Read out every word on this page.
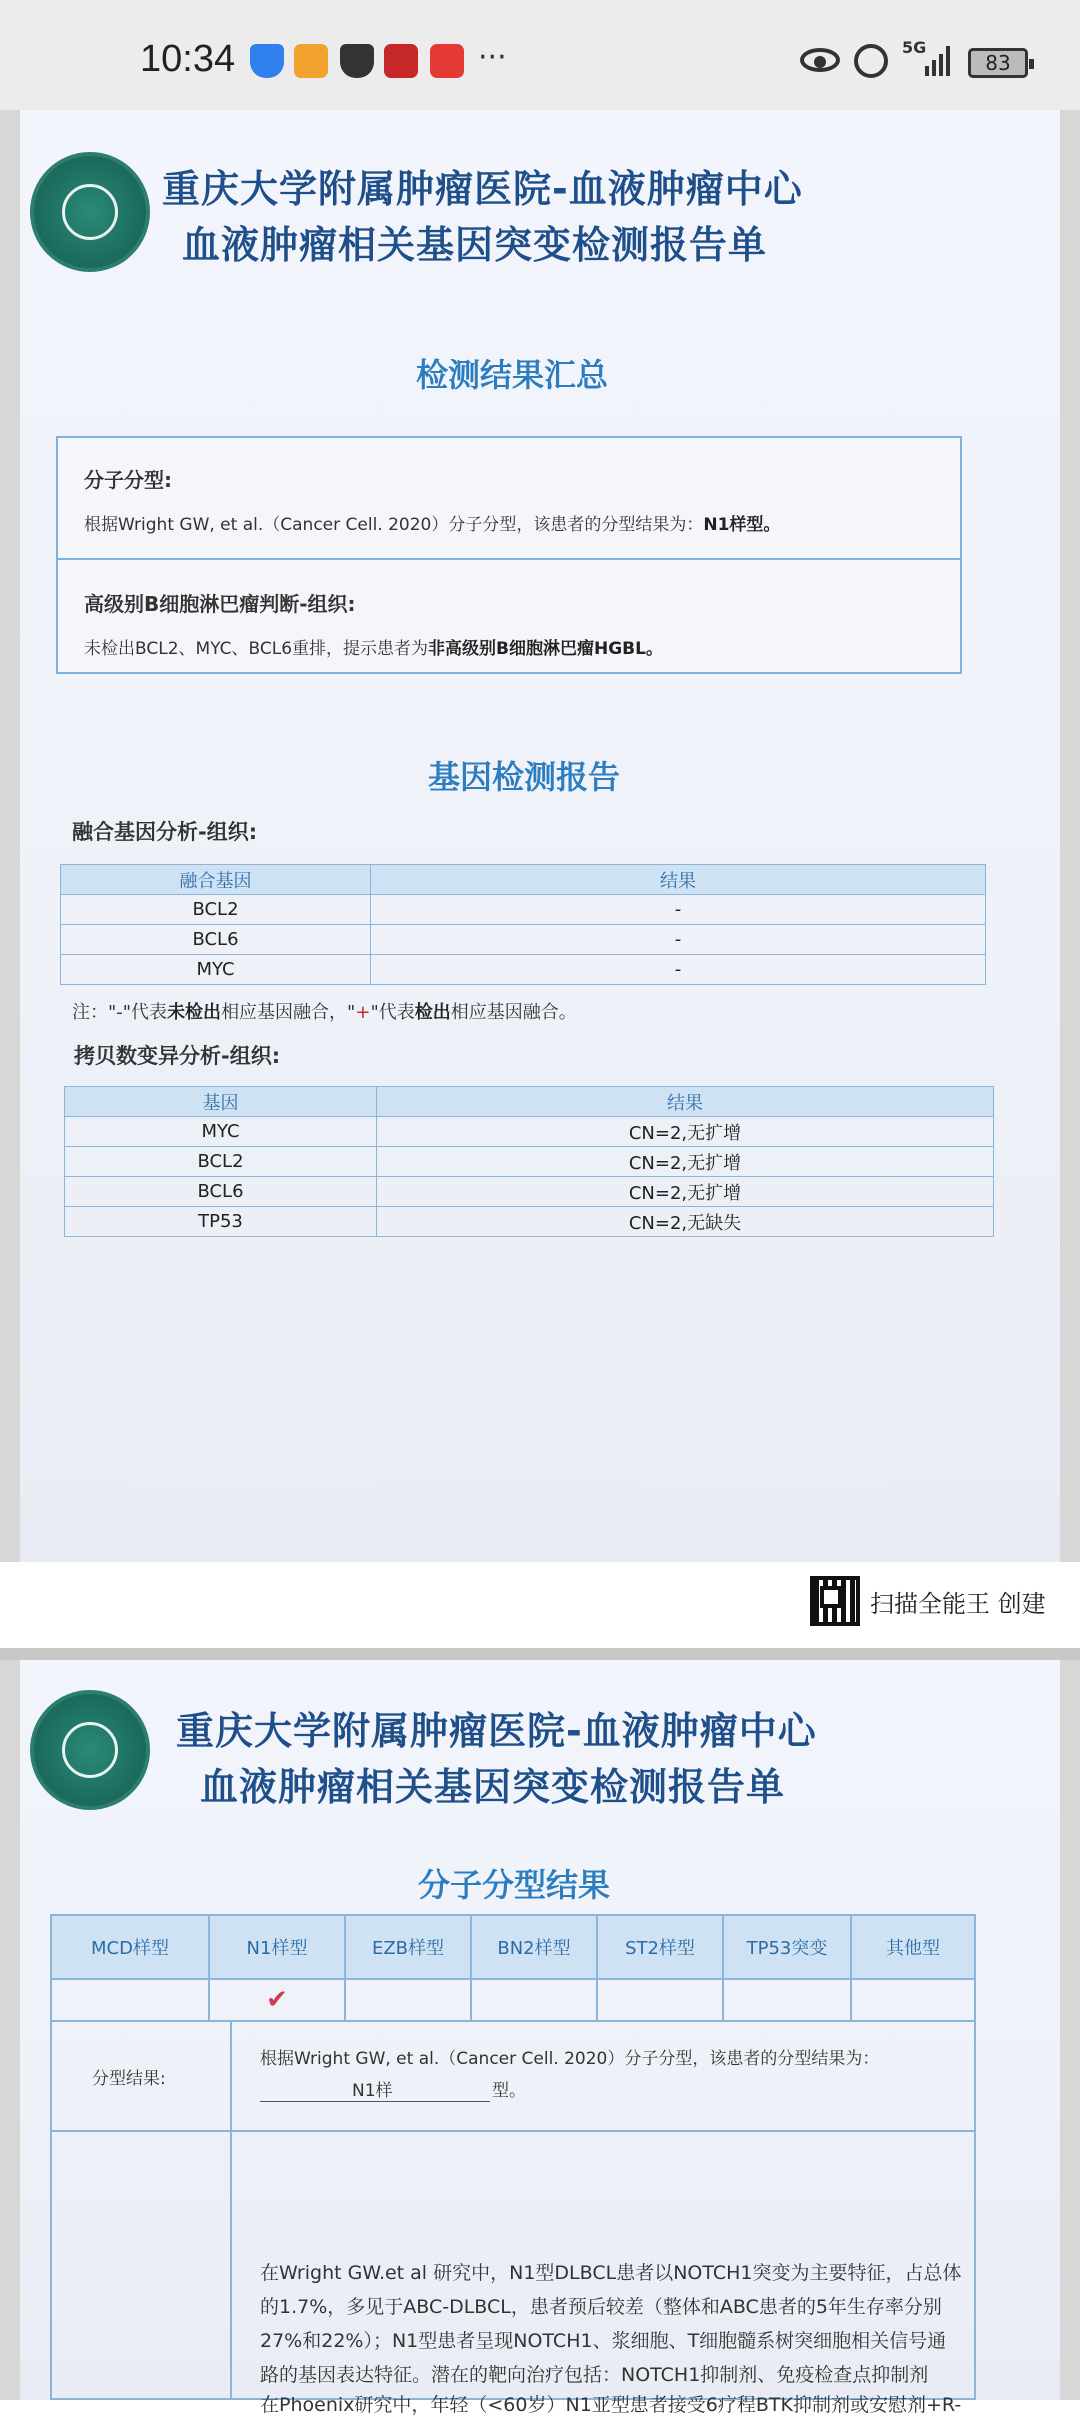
10:34	···	5G
83
重庆大学附属肿瘤医院-血液肿瘤中心
血液肿瘤相关基因突变检测报告单
检测结果汇总
分子分型:
根据Wright GW, et al.（Cancer Cell. 2020）分子分型，该患者的分型结果为：N1样型。
高级别B细胞淋巴瘤判断-组织:
未检出BCL2、MYC、BCL6重排，提示患者为非高级别B细胞淋巴瘤HGBL。
基因检测报告
融合基因分析-组织:
融合基因	结果
BCL2	-
BCL6	-
MYC	-
注："-"代表未检出相应基因融合，"+"代表检出相应基因融合。
拷贝数变异分析-组织:
基因	结果
MYC	CN=2,无扩增
BCL2	CN=2,无扩增
BCL6	CN=2,无扩增
TP53	CN=2,无缺失
扫描全能王 创建
重庆大学附属肿瘤医院-血液肿瘤中心
血液肿瘤相关基因突变检测报告单
分子分型结果
MCD样型	N1样型	EZB样型	BN2样型	ST2样型	TP53突变	其他型
	✔					
分型结果:
根据Wright GW, et al.（Cancer Cell. 2020）分子分型，该患者的分型结果为：
N1样	型。
在Wright GW.et al 研究中，N1型DLBCL患者以NOTCH1突变为主要特征，占总体
的1.7%，多见于ABC-DLBCL，患者预后较差（整体和ABC患者的5年生存率分别
27%和22%）；N1型患者呈现NOTCH1、浆细胞、T细胞髓系树突细胞相关信号通
路的基因表达特征。潜在的靶向治疗包括：NOTCH1抑制剂、免疫检查点抑制剂
在Phoenix研究中，年轻（<60岁）N1亚型患者接受6疗程BTK抑制剂或安慰剂+R-
